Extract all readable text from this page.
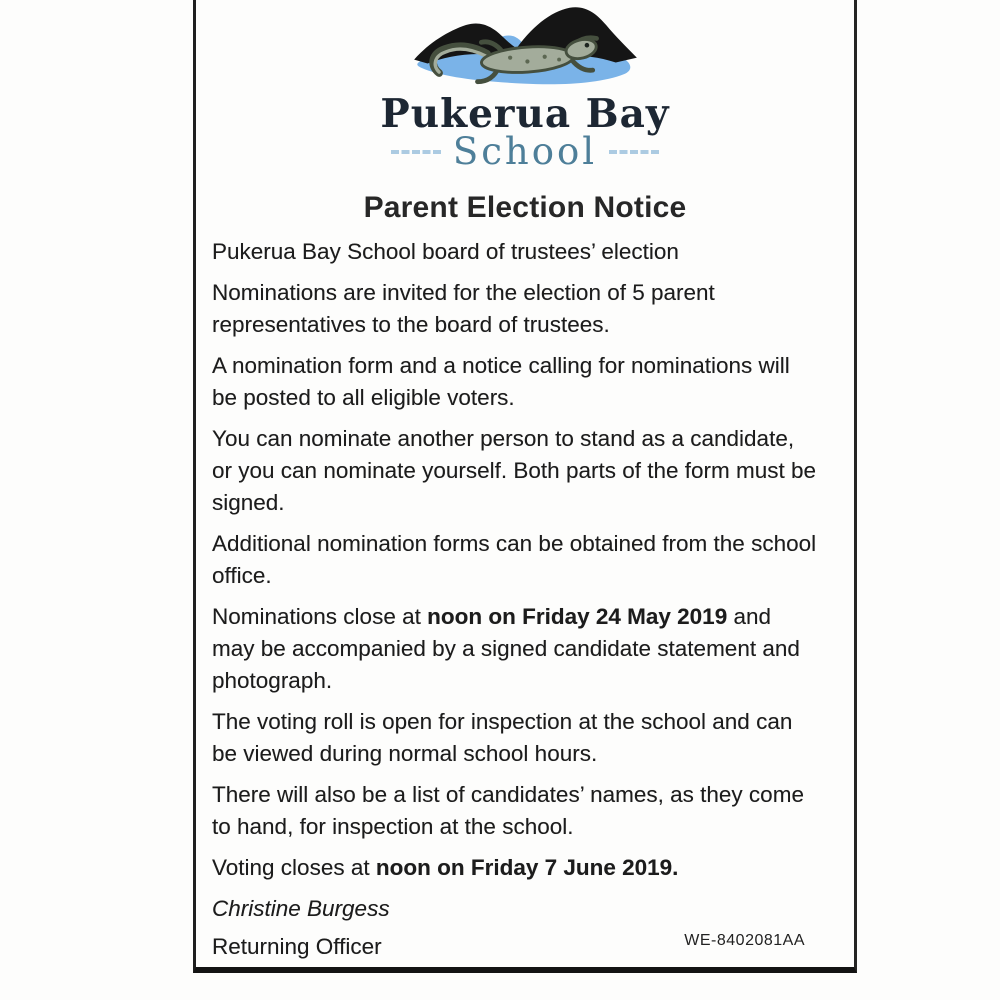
Pukerua Bay
School
Parent Election Notice

Pukerua Bay School board of trustees’ election

Nominations are invited for the election of 5 parent representatives to the board of trustees.

A nomination form and a notice calling for nominations will be posted to all eligible voters.

You can nominate another person to stand as a candidate, or you can nominate yourself. Both parts of the form must be signed.

Additional nomination forms can be obtained from the school office.

Nominations close at noon on Friday 24 May 2019 and may be accompanied by a signed candidate statement and photograph.

The voting roll is open for inspection at the school and can be viewed during normal school hours.

There will also be a list of candidates’ names, as they come to hand, for inspection at the school.

Voting closes at noon on Friday 7 June 2019.

Christine Burgess

Returning Officer	WE-8402081AA
